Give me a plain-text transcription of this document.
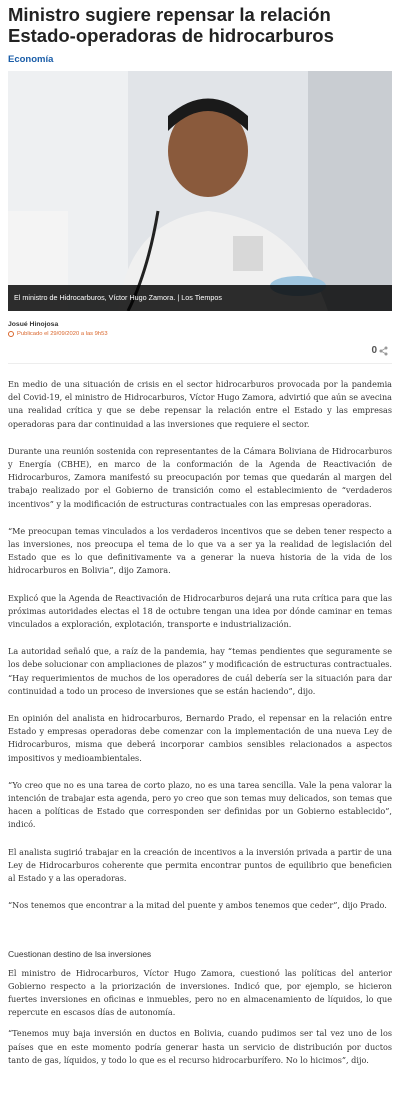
Ministro sugiere repensar la relación Estado-operadoras de hidrocarburos
Economía
El ministro de Hidrocarburos, Víctor Hugo Zamora. | Los Tiempos
Josué Hinojosa
Publicado el 29/09/2020 a las 9h53
0

En medio de una situación de crisis en el sector hidrocarburos provocada por la pandemia del Covid-19, el ministro de Hidrocarburos, Víctor Hugo Zamora, advirtió que aún se avecina una realidad crítica y que se debe repensar la relación entre el Estado y las empresas operadoras para dar continuidad a las inversiones que requiere el sector.

Durante una reunión sostenida con representantes de la Cámara Boliviana de Hidrocarburos y Energía (CBHE), en marco de la conformación de la Agenda de Reactivación de Hidrocarburos, Zamora manifestó su preocupación por temas que quedarán al margen del trabajo realizado por el Gobierno de transición como el establecimiento de “verdaderos incentivos” y la modificación de estructuras contractuales con las empresas operadoras.

“Me preocupan temas vinculados a los verdaderos incentivos que se deben tener respecto a las inversiones, nos preocupa el tema de lo que va a ser ya la realidad de legislación del Estado que es lo que definitivamente va a generar la nueva historia de la vida de los hidrocarburos en Bolivia”, dijo Zamora.

Explicó que la Agenda de Reactivación de Hidrocarburos dejará una ruta crítica para que las próximas autoridades electas el 18 de octubre tengan una idea por dónde caminar en temas vinculados a exploración, explotación, transporte e industrialización.

La autoridad señaló que, a raíz de la pandemia, hay “temas pendientes que seguramente se los debe solucionar con ampliaciones de plazos” y modificación de estructuras contractuales. “Hay requerimientos de muchos de los operadores de cuál debería ser la situación para dar continuidad a todo un proceso de inversiones que se están haciendo”, dijo.

En opinión del analista en hidrocarburos, Bernardo Prado, el repensar en la relación entre Estado y empresas operadoras debe comenzar con la implementación de una nueva Ley de Hidrocarburos, misma que deberá incorporar cambios sensibles relacionados a aspectos impositivos y medioambientales.

“Yo creo que no es una tarea de corto plazo, no es una tarea sencilla. Vale la pena valorar la intención de trabajar esta agenda, pero yo creo que son temas muy delicados, son temas que hacen a políticas de Estado que corresponden ser definidas por un Gobierno establecido”, indicó.

El analista sugirió trabajar en la creación de incentivos a la inversión privada a partir de una Ley de Hidrocarburos coherente que permita encontrar puntos de equilibrio que beneficien al Estado y a las operadoras.

“Nos tenemos que encontrar a la mitad del puente y ambos tenemos que ceder”, dijo Prado.

Cuestionan destino de lsa inversiones

El ministro de Hidrocarburos, Víctor Hugo Zamora, cuestionó las políticas del anterior Gobierno respecto a la priorización de inversiones. Indicó que, por ejemplo, se hicieron fuertes inversiones en oficinas e inmuebles, pero no en almacenamiento de líquidos, lo que repercute en escasos días de autonomía.

“Tenemos muy baja inversión en ductos en Bolivia, cuando pudimos ser tal vez uno de los países que en este momento podría generar hasta un servicio de distribución por ductos tanto de gas, líquidos, y todo lo que es el recurso hidrocarburífero. No lo hicimos”, dijo.
